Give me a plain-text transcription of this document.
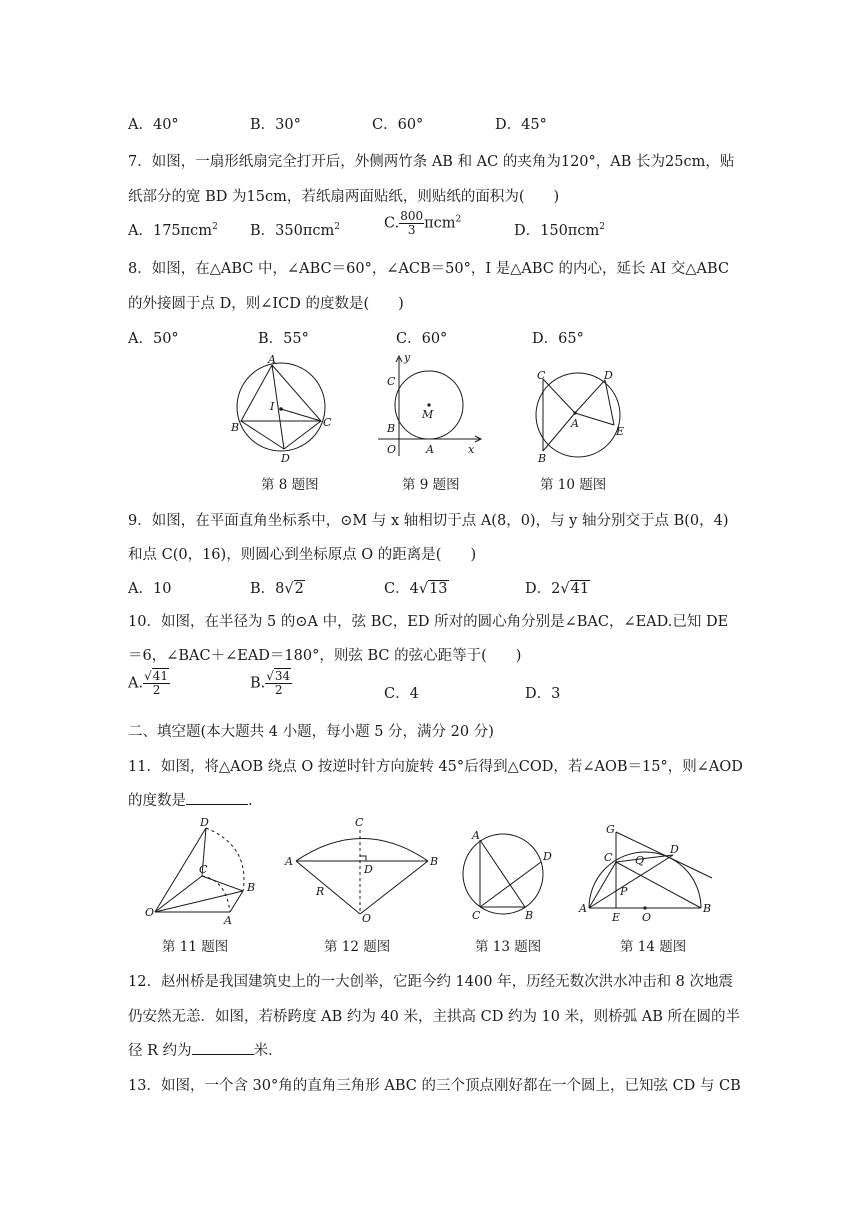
A．40°	B．30°	C．60°	D．45°
7．如图，一扇形纸扇完全打开后，外侧两竹条 AB 和 AC 的夹角为120°，AB 长为25cm，贴
纸部分的宽 BD 为15cm，若纸扇两面贴纸，则贴纸的面积为(　　)
A．175πcm$^2$ B．350πcm$^2$	C. $\frac{800}{3} \pi cm^2$
D．150πcm$^2$
8．如图，在△ABC 中，∠ABC＝60°，∠ACB＝50°，I 是△ABC 的内心，延长 AI 交△ABC
的外接圆于点 D，则∠ICD 的度数是(　　)
A．50°	B．55°	C．60°	D．65°
A
I
B	C
D
y
C
M
B
O	A	x
C	D
A
E
B
第 8 题图	第 9 题图	第 10 题图
9．如图，在平面直角坐标系中，⊙M 与 x 轴相切于点 A(8，0)，与 y 轴分别交于点 B(0，4)
和点 C(0，16)，则圆心到坐标原点 O 的距离是(　　)
A．10	B．8√2	C．4√13	D．2√41
10．如图，在半径为 5 的⊙A 中，弦 BC，ED 所对的圆心角分别是∠BAC，∠EAD.已知 DE
＝6，∠BAC＋∠EAD＝180°，则弦 BC 的弦心距等于(　　)
A. $\frac{√41}{2}$	B. $\frac{√34}{2}$	C．4	D．3
二、填空题(本大题共 4 小题，每小题 5 分，满分 20 分)
11．如图，将△AOB 绕点 O 按逆时针方向旋转 45°后得到△COD，若∠AOB＝15°，则∠AOD
的度数是	.
D
C
B
O
A
C
A
D
B
R
O
A
D
C	B
G
C Q
D
P
A
E O
B
第 11 题图	第 12 题图	第 13 题图	第 14 题图
12．赵州桥是我国建筑史上的一大创举，它距今约 1400 年，历经无数次洪水冲击和 8 次地震
仍安然无恙．如图，若桥跨度 AB 约为 40 米，主拱高 CD 约为 10 米，则桥弧 AB 所在圆的半
径 R 约为	米．
13．如图，一个含 30°角的直角三角形 ABC 的三个顶点刚好都在一个圆上，已知弦 CD 与 CB
